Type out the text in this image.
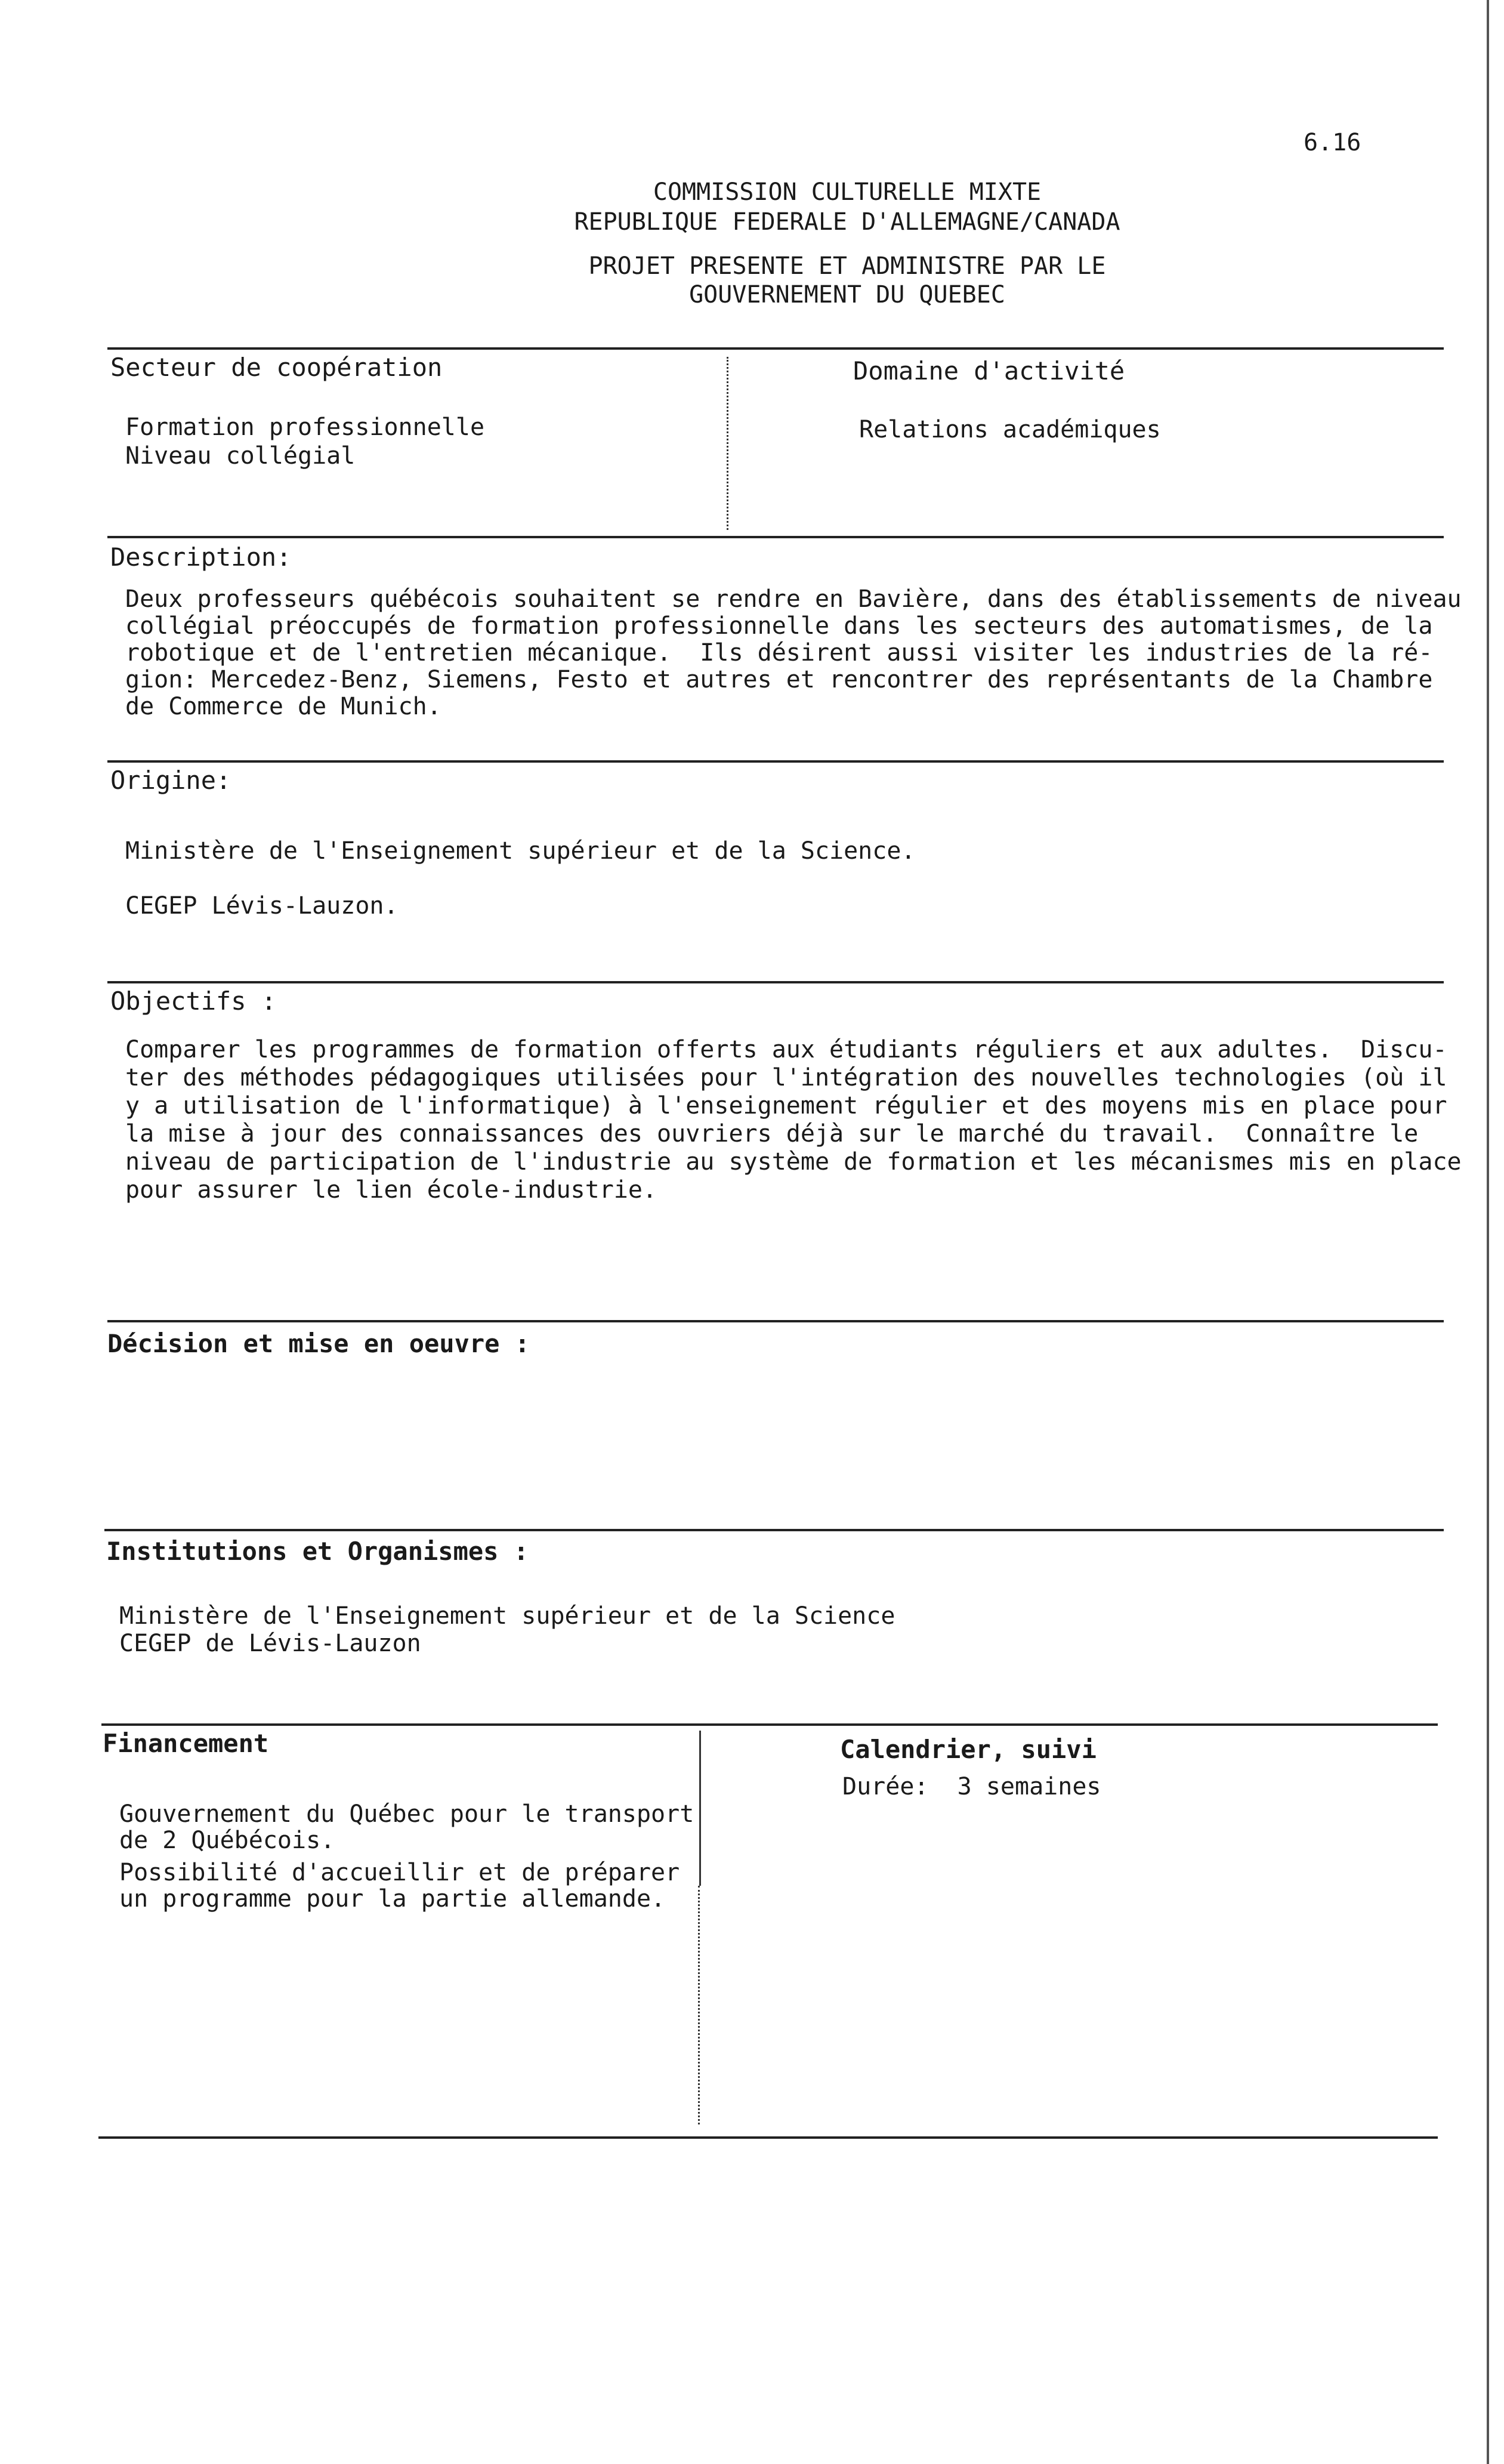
6.16
COMMISSION CULTURELLE MIXTE
REPUBLIQUE FEDERALE D'ALLEMAGNE/CANADA
PROJET PRESENTE ET ADMINISTRE PAR LE
GOUVERNEMENT DU QUEBEC
Secteur de coopération
Formation professionnelle
Niveau collégial
Domaine d'activité
Relations académiques
Description:
Deux professeurs québécois souhaitent se rendre en Bavière, dans des établissements de niveau
collégial préoccupés de formation professionnelle dans les secteurs des automatismes, de la
robotique et de l'entretien mécanique.  Ils désirent aussi visiter les industries de la ré-
gion: Mercedez-Benz, Siemens, Festo et autres et rencontrer des représentants de la Chambre
de Commerce de Munich.
Origine:
Ministère de l'Enseignement supérieur et de la Science.
CEGEP Lévis-Lauzon.
Objectifs :
Comparer les programmes de formation offerts aux étudiants réguliers et aux adultes.  Discu-
ter des méthodes pédagogiques utilisées pour l'intégration des nouvelles technologies (où il
y a utilisation de l'informatique) à l'enseignement régulier et des moyens mis en place pour
la mise à jour des connaissances des ouvriers déjà sur le marché du travail.  Connaître le
niveau de participation de l'industrie au système de formation et les mécanismes mis en place
pour assurer le lien école-industrie.
Décision et mise en oeuvre :
Institutions et Organismes :
Ministère de l'Enseignement supérieur et de la Science
CEGEP de Lévis-Lauzon
Financement
Gouvernement du Québec pour le transport
de 2 Québécois.
Possibilité d'accueillir et de préparer
un programme pour la partie allemande.
Calendrier, suivi
Durée:  3 semaines
